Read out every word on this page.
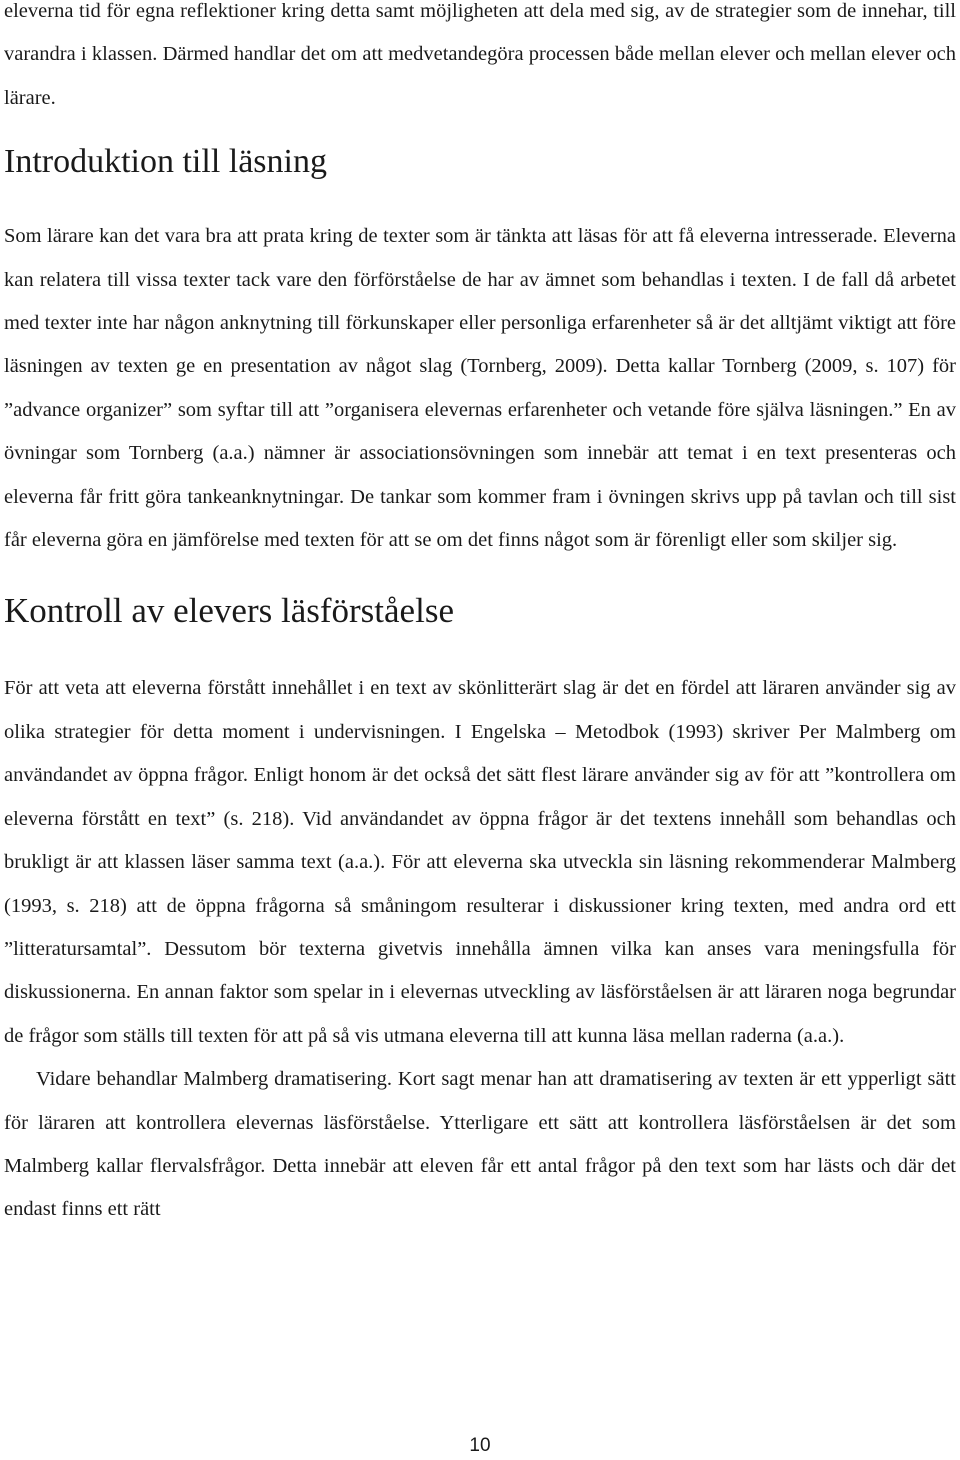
eleverna tid för egna reflektioner kring detta samt möjligheten att dela med sig, av de strategier som de innehar, till varandra i klassen. Därmed handlar det om att medvetandegöra processen både mellan elever och mellan elever och lärare.

Introduktion till läsning

Som lärare kan det vara bra att prata kring de texter som är tänkta att läsas för att få eleverna intresserade. Eleverna kan relatera till vissa texter tack vare den förförståelse de har av ämnet som behandlas i texten. I de fall då arbetet med texter inte har någon anknytning till förkunskaper eller personliga erfarenheter så är det alltjämt viktigt att före läsningen av texten ge en presentation av något slag (Tornberg, 2009). Detta kallar Tornberg (2009, s. 107) för ”advance organizer” som syftar till att ”organisera elevernas erfarenheter och vetande före själva läsningen.” En av övningar som Tornberg (a.a.) nämner är associationsövningen som innebär att temat i en text presenteras och eleverna får fritt göra tankeanknytningar. De tankar som kommer fram i övningen skrivs upp på tavlan och till sist får eleverna göra en jämförelse med texten för att se om det finns något som är förenligt eller som skiljer sig.

Kontroll av elevers läsförståelse

För att veta att eleverna förstått innehållet i en text av skönlitterärt slag är det en fördel att läraren använder sig av olika strategier för detta moment i undervisningen. I Engelska – Metodbok (1993) skriver Per Malmberg om användandet av öppna frågor. Enligt honom är det också det sätt flest lärare använder sig av för att ”kontrollera om eleverna förstått en text” (s. 218). Vid användandet av öppna frågor är det textens innehåll som behandlas och brukligt är att klassen läser samma text (a.a.). För att eleverna ska utveckla sin läsning rekommenderar Malmberg (1993, s. 218) att de öppna frågorna så småningom resulterar i diskussioner kring texten, med andra ord ett ”litteratursamtal”. Dessutom bör texterna givetvis innehålla ämnen vilka kan anses vara meningsfulla för diskussionerna. En annan faktor som spelar in i elevernas utveckling av läsförståelsen är att läraren noga begrundar de frågor som ställs till texten för att på så vis utmana eleverna till att kunna läsa mellan raderna (a.a.).

Vidare behandlar Malmberg dramatisering. Kort sagt menar han att dramatisering av texten är ett ypperligt sätt för läraren att kontrollera elevernas läsförståelse. Ytterligare ett sätt att kontrollera läsförståelsen är det som Malmberg kallar flervalsfrågor. Detta innebär att eleven får ett antal frågor på den text som har lästs och där det endast finns ett rätt

10
